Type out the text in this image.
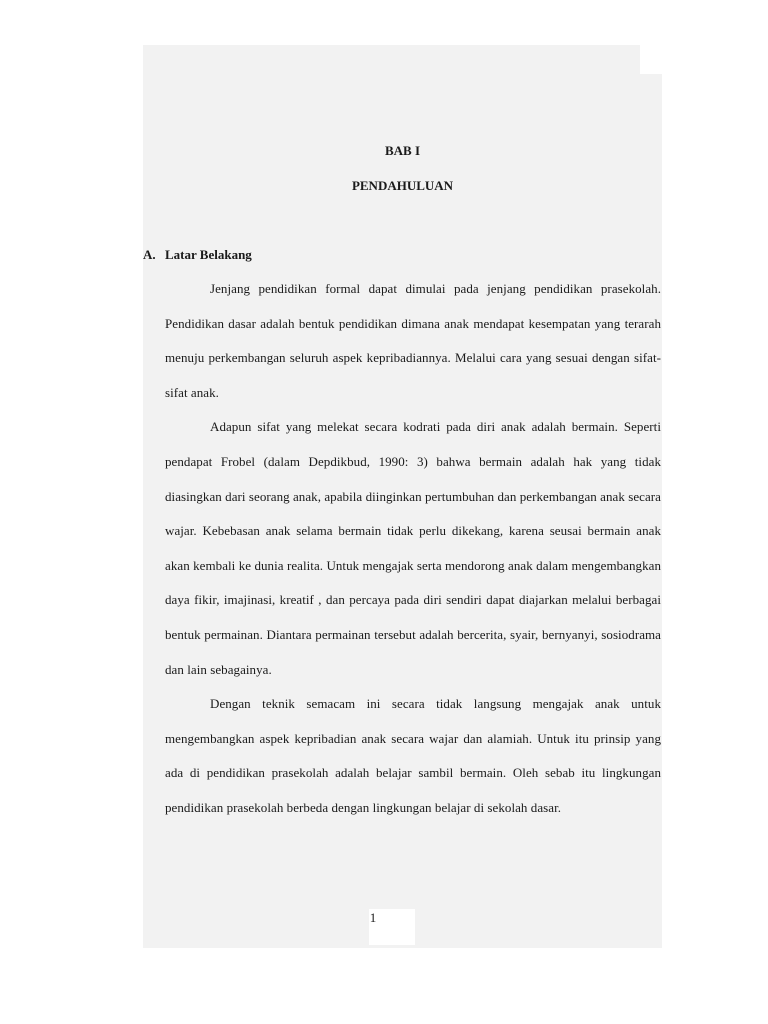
BAB I
PENDAHULUAN
A. Latar Belakang

Jenjang pendidikan formal dapat dimulai pada jenjang pendidikan prasekolah. Pendidikan dasar adalah bentuk pendidikan dimana anak mendapat kesempatan yang terarah menuju perkembangan seluruh aspek kepribadiannya. Melalui cara yang sesuai dengan sifat-sifat anak.

Adapun sifat yang melekat secara kodrati pada diri anak adalah bermain. Seperti pendapat Frobel (dalam Depdikbud, 1990: 3) bahwa bermain adalah hak yang tidak diasingkan dari seorang anak, apabila diinginkan pertumbuhan dan perkembangan anak secara wajar. Kebebasan anak selama bermain tidak perlu dikekang, karena seusai bermain anak akan kembali ke dunia realita. Untuk mengajak serta mendorong anak dalam mengembangkan daya fikir, imajinasi, kreatif , dan percaya pada diri sendiri dapat diajarkan melalui berbagai bentuk permainan. Diantara permainan tersebut adalah bercerita, syair, bernyanyi, sosiodrama dan lain sebagainya.

Dengan teknik semacam ini secara tidak langsung mengajak anak untuk mengembangkan aspek kepribadian anak secara wajar dan alamiah. Untuk itu prinsip yang ada di pendidikan prasekolah adalah belajar sambil bermain. Oleh sebab itu lingkungan pendidikan prasekolah berbeda dengan lingkungan belajar di sekolah dasar.

1
